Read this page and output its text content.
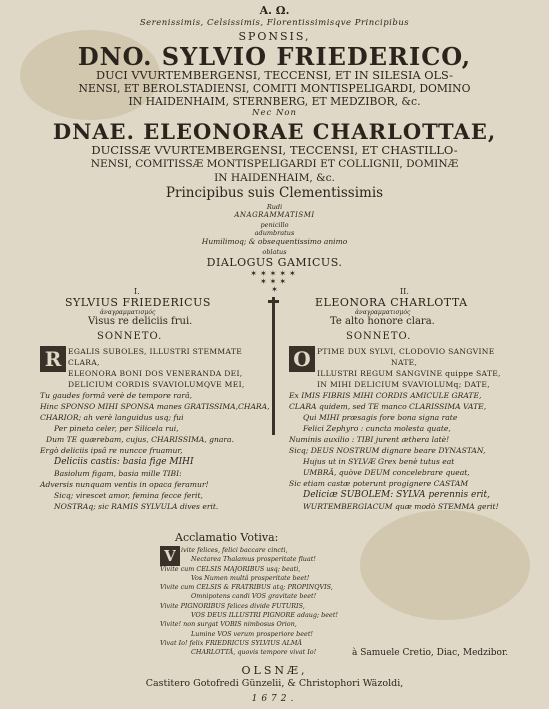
A. Ω.
Serenissimis, Celsissimis, Florentissimisqve Principibus
SPONSIS,
DNO. SYLVIO FRIEDERICO,
DUCI VVURTEMBERGENSI, TECCENSI, ET IN SILESIA OLS-
NENSI, ET BEROLSTADIENSI, COMITI MONTISPELIGARDI, DOMINO
IN HAIDENHAIM, STERNBERG, ET MEDZIBOR, &c.
Nec Non
DNAE. ELEONORAE CHARLOTTAE,
DUCISSÆ VVURTEMBERGENSI, TECCENSI, ET CHASTILLO-
NENSI, COMITISSÆ MONTISPELIGARDI ET COLLIGNII, DOMINÆ
IN HAIDENHAIM, &c.
Principibus suis Clementissimis
Rudi
ANAGRAMMATISMI
penicillo
adumbratus
Humilimoq; & obsequentissimo animo
oblatus
DIALOGUS GAMICUS.
✶✶✶✶✶
✶✶✶
✶
I.
SYLVIUS FRIEDERICUS
ἀναγραμματισμός
Visus re deliciis frui.
SONNETO.
R EGALIS SUBOLES, ILLUSTRI STEMMATE
CLARA,
ELEONORA BONI DOS VENERANDA DEI,
DELICIUM CORDIS SVAVIOLUMQVE MEI,
Tu gaudes formâ verè de tempore rarâ,
Hinc SPONSO MIHI SPONSA manes GRATISSIMA,CHARA,
CHARIOR; ah verè languidus usq; fui
Per pineta celer, per Silicela rui,
Dum TE quærebam, cujus, CHARISSIMA, gnara.
Ergò deliciis ipsâ re nuncce fruamur,
Deliciis castis: basia fige MIHI
Basiolum figam, basia mille TIBI:
Adversis nunquam ventis in opaca feramur!
Sicq; virescet amor, femina fecce ferit,
NOSTRAq; sic RAMIS SYLVULA dives erit.
II.
ELEONORA CHARLOTTA
ἀναγραμματισμός
Te alto honore clara.
SONNETO.
O PTIME DUX SYLVI, CLODOVIO SANGVINE
NATE,
ILLUSTRI REGUM SANGVINE quippe SATE,
IN MIHI DELICIUM SVAVIOLUMq; DATE,
Ex IMIS FIBRIS MIHI CORDIS AMICULE GRATE,
CLARA quidem, sed TE manco CLARISSIMA VATE,
Qui MIHI præsagis fore bona signa rate
Felici Zephyro : cuncta molesta quate,
Numinis auxilio : TIBI jurent æthera latè!
Sicq; DEUS NOSTRUM dignare beare DYNASTAN,
Hujus ut in SYLVÆ Grex benè tutus eat
UMBRÂ, quòve DEUM concelebrare queat,
Sic etiam castæ poterunt progignere CASTAM
Deliciæ SUBOLEM: SYLVA perennis erit,
WURTEMBERGIACUM quæ modò STEMMA gerit!
Acclamatio Votiva:
V ivite felices, felici baccare cincti,
Nectarea Thalamus prosperitate fluat!
Vivite cum CELSIS MAJORIBUS usq; beati,
Vos Numen multâ prosperitate beet!
Vivite cum CELSIS & FRATRIBUS atq; PROPINQVIS,
Omnipotens candi VOS gravitate beet!
Vivite PIGNORIBUS felices divide FUTURIS,
VOS DEUS ILLUSTRI PIGNORE adaug; beet!
Vivite! non surgat VOBIS nimbosus Orion,
Lumine VOS verum prosperiore beet!
Vivat Io! felix FRIEDRICUS SYLVIUS ALMÂ
CHARLOTTÂ, quovis tempore vivat Io!	à Samuele Cretio, Diac, Medzibor.
OLSNÆ,
Castitero Gotofredi Günzelii, & Christophori Wäzoldi,
1672.
